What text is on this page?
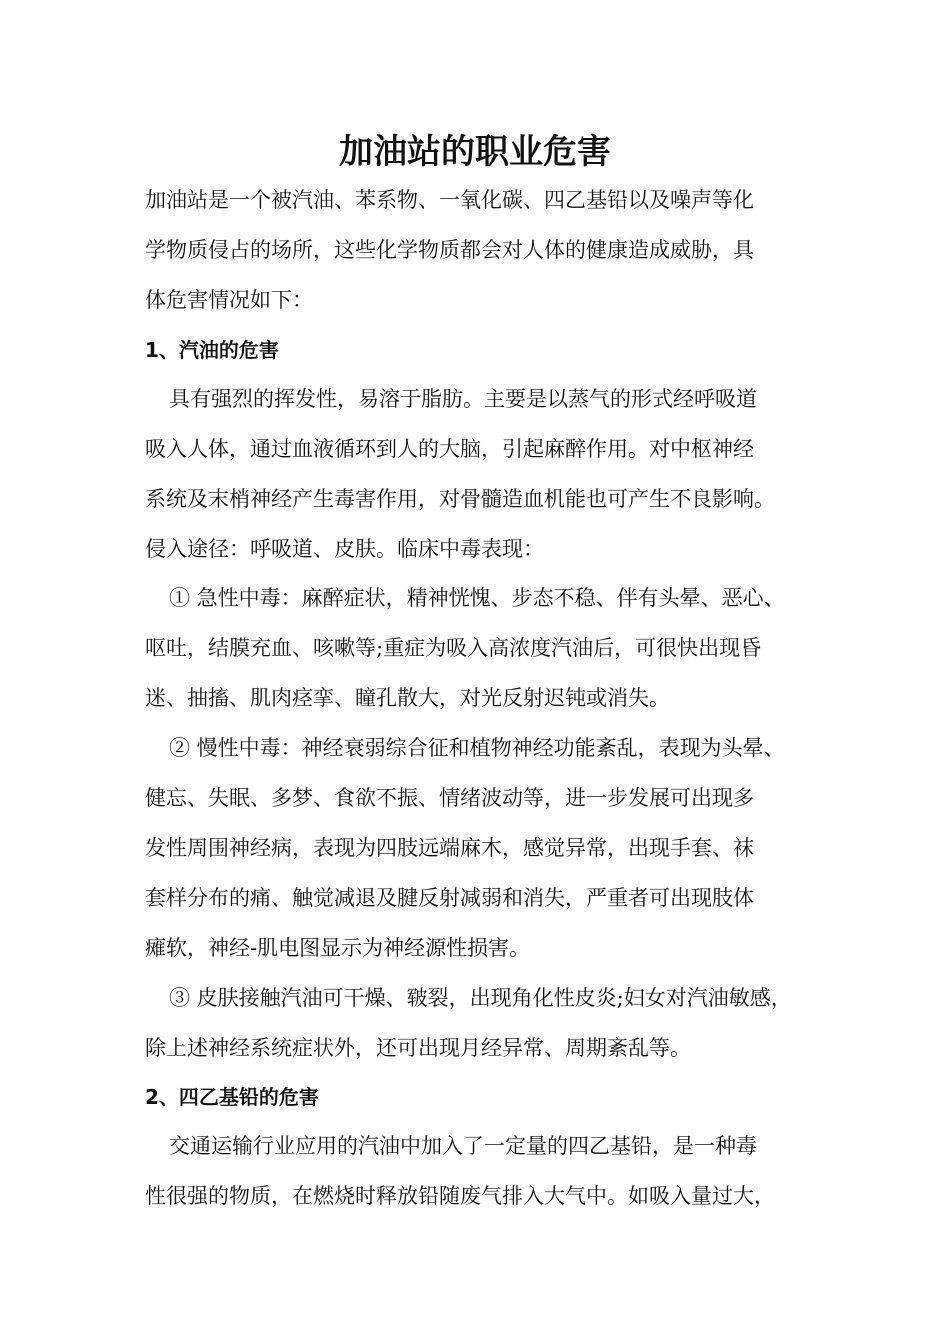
加油站的职业危害
加油站是一个被汽油、苯系物、一氧化碳、四乙基铅以及噪声等化
学物质侵占的场所，这些化学物质都会对人体的健康造成威胁，具
体危害情况如下：
1、汽油的危害
具有强烈的挥发性，易溶于脂肪。主要是以蒸气的形式经呼吸道
吸入人体，通过血液循环到人的大脑，引起麻醉作用。对中枢神经
系统及末梢神经产生毒害作用，对骨髓造血机能也可产生不良影响。
侵入途径：呼吸道、皮肤。临床中毒表现：
① 急性中毒：麻醉症状，精神恍愧、步态不稳、伴有头晕、恶心、
呕吐，结膜充血、咳嗽等;重症为吸入高浓度汽油后，可很快出现昏
迷、抽搐、肌肉痉挛、瞳孔散大，对光反射迟钝或消失。
② 慢性中毒：神经衰弱综合征和植物神经功能紊乱，表现为头晕、
健忘、失眠、多梦、食欲不振、情绪波动等，进一步发展可出现多
发性周围神经病，表现为四肢远端麻木，感觉异常，出现手套、袜
套样分布的痛、触觉减退及腱反射减弱和消失，严重者可出现肢体
瘫软，神经-肌电图显示为神经源性损害。
③ 皮肤接触汽油可干燥、皲裂，出现角化性皮炎;妇女对汽油敏感，
除上述神经系统症状外，还可出现月经异常、周期紊乱等。
2、四乙基铅的危害
交通运输行业应用的汽油中加入了一定量的四乙基铅，是一种毒
性很强的物质，在燃烧时释放铅随废气排入大气中。如吸入量过大，
